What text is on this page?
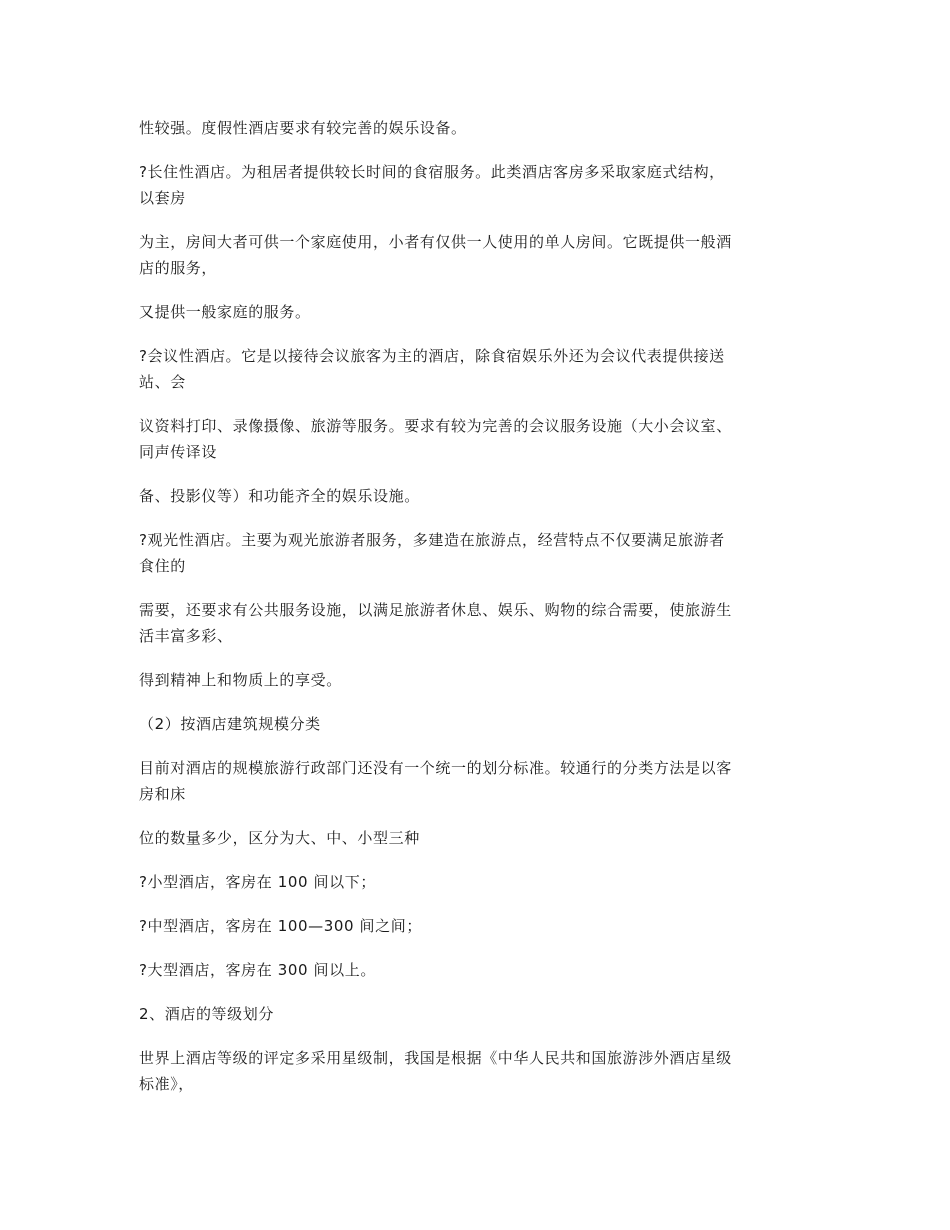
性较强。度假性酒店要求有较完善的娱乐设备。

?长住性酒店。为租居者提供较长时间的食宿服务。此类酒店客房多采取家庭式结构，
以套房

为主，房间大者可供一个家庭使用，小者有仅供一人使用的单人房间。它既提供一般酒
店的服务，

又提供一般家庭的服务。

?会议性酒店。它是以接待会议旅客为主的酒店，除食宿娱乐外还为会议代表提供接送
站、会

议资料打印、录像摄像、旅游等服务。要求有较为完善的会议服务设施（大小会议室、
同声传译设

备、投影仪等）和功能齐全的娱乐设施。

?观光性酒店。主要为观光旅游者服务，多建造在旅游点，经营特点不仅要满足旅游者
食住的

需要，还要求有公共服务设施，以满足旅游者休息、娱乐、购物的综合需要，使旅游生
活丰富多彩、

得到精神上和物质上的享受。

（2）按酒店建筑规模分类

目前对酒店的规模旅游行政部门还没有一个统一的划分标准。较通行的分类方法是以客
房和床

位的数量多少，区分为大、中、小型三种

?小型酒店，客房在 100 间以下；

?中型酒店，客房在 100—300 间之间；

?大型酒店，客房在 300 间以上。

2、酒店的等级划分

世界上酒店等级的评定多采用星级制，我国是根据《中华人民共和国旅游涉外酒店星级
标准》，
